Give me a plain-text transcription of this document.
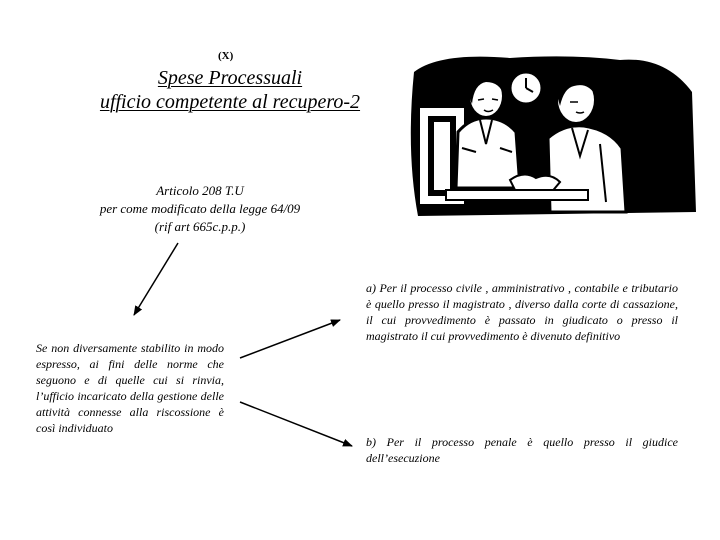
(X)
Spese Processuali
ufficio competente al recupero-2
Articolo 208 T.U
per come modificato della legge 64/09
(rif art 665c.p.p.)
Se non diversamente stabilito in modo espresso, ai fini delle norme che seguono e di quelle cui si rinvia, l’ufficio incaricato della gestione delle attività connesse alla riscossione è così individuato
a) Per il processo civile , amministrativo , contabile e tributario è quello presso il magistrato , diverso dalla corte di cassazione, il cui provvedimento è passato in giudicato o presso il magistrato il cui provvedimento è divenuto definitivo
b) Per il processo penale è quello presso il giudice dell’esecuzione
